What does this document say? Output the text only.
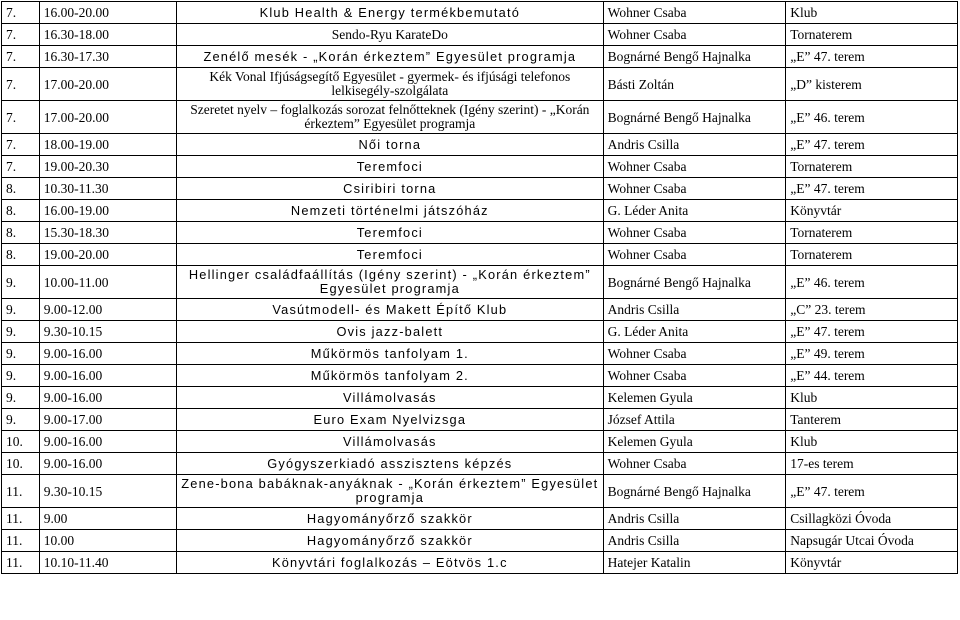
7.	16.00-20.00	Klub Health & Energy termékbemutató	Wohner Csaba	Klub
7.	16.30-18.00	Sendo-Ryu KarateDo	Wohner Csaba	Tornaterem
7.	16.30-17.30	Zenélő mesék - „Korán érkeztem” Egyesület programja	Bognárné Bengő Hajnalka	„E” 47. terem
7.	17.00-20.00	Kék Vonal Ifjúságsegítő Egyesület - gyermek- és ifjúsági telefonos lelkisegély-szolgálata	Básti Zoltán	„D” kisterem
7.	17.00-20.00	Szeretet nyelv – foglalkozás sorozat felnőtteknek (Igény szerint) - „Korán érkeztem” Egyesület programja	Bognárné Bengő Hajnalka	„E” 46. terem
7.	18.00-19.00	Női torna	Andris Csilla	„E” 47. terem
7.	19.00-20.30	Teremfoci	Wohner Csaba	Tornaterem
8.	10.30-11.30	Csiribiri torna	Wohner Csaba	„E” 47. terem
8.	16.00-19.00	Nemzeti történelmi játszóház	G. Léder Anita	Könyvtár
8.	15.30-18.30	Teremfoci	Wohner Csaba	Tornaterem
8.	19.00-20.00	Teremfoci	Wohner Csaba	Tornaterem
9.	10.00-11.00	Hellinger családfaállítás (Igény szerint) - „Korán érkeztem” Egyesület programja	Bognárné Bengő Hajnalka	„E” 46. terem
9.	9.00-12.00	Vasútmodell- és Makett Építő Klub	Andris Csilla	„C” 23. terem
9.	9.30-10.15	Ovis jazz-balett	G. Léder Anita	„E” 47. terem
9.	9.00-16.00	Műkörmös tanfolyam 1.	Wohner Csaba	„E” 49. terem
9.	9.00-16.00	Műkörmös tanfolyam 2.	Wohner Csaba	„E” 44. terem
9.	9.00-16.00	Villámolvasás	Kelemen Gyula	Klub
9.	9.00-17.00	Euro Exam Nyelvizsga	József Attila	Tanterem
10.	9.00-16.00	Villámolvasás	Kelemen Gyula	Klub
10.	9.00-16.00	Gyógyszerkiadó asszisztens képzés	Wohner Csaba	17-es terem
11.	9.30-10.15	Zene-bona babáknak-anyáknak - „Korán érkeztem” Egyesület programja	Bognárné Bengő Hajnalka	„E” 47. terem
11.	9.00	Hagyományőrző szakkör	Andris Csilla	Csillagközi Óvoda
11.	10.00	Hagyományőrző szakkör	Andris Csilla	Napsugár Utcai Óvoda
11.	10.10-11.40	Könyvtári foglalkozás – Eötvös 1.c	Hatejer Katalin	Könyvtár
